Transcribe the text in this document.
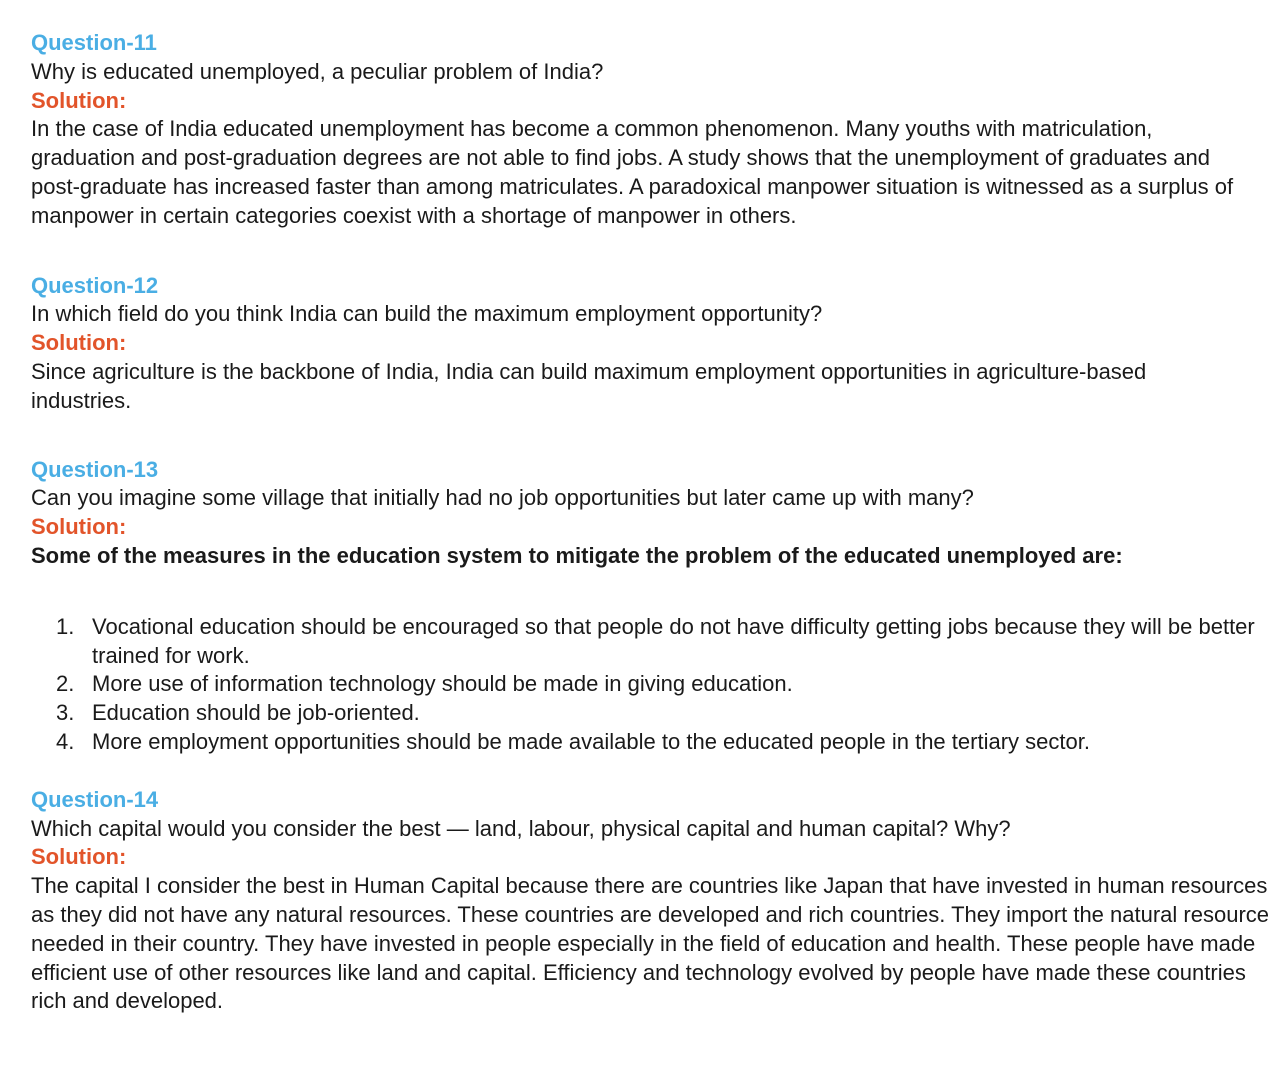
Question-11
Why is educated unemployed, a peculiar problem of India?
Solution:

In the case of India educated unemployment has become a common phenomenon. Many youths with matriculation, graduation and post-graduation degrees are not able to find jobs. A study shows that the unemployment of graduates and post-graduate has increased faster than among matriculates. A paradoxical manpower situation is witnessed as a surplus of manpower in certain categories coexist with a shortage of manpower in others.

Question-12
In which field do you think India can build the maximum employment opportunity?
Solution:

Since agriculture is the backbone of India, India can build maximum employment opportunities in agriculture-based industries.

Question-13
Can you imagine some village that initially had no job opportunities but later came up with many?
Solution:
Some of the measures in the education system to mitigate the problem of the educated unemployed are:
1. Vocational education should be encouraged so that people do not have difficulty getting jobs because they will be better trained for work.
2. More use of information technology should be made in giving education.
3. Education should be job-oriented.
4. More employment opportunities should be made available to the educated people in the tertiary sector.
Question-14
Which capital would you consider the best — land, labour, physical capital and human capital? Why?
Solution:

The capital I consider the best in Human Capital because there are countries like Japan that have invested in human resources as they did not have any natural resources. These countries are developed and rich countries. They import the natural resource needed in their country. They have invested in people especially in the field of education and health. These people have made efficient use of other resources like land and capital. Efficiency and technology evolved by people have made these countries rich and developed.
